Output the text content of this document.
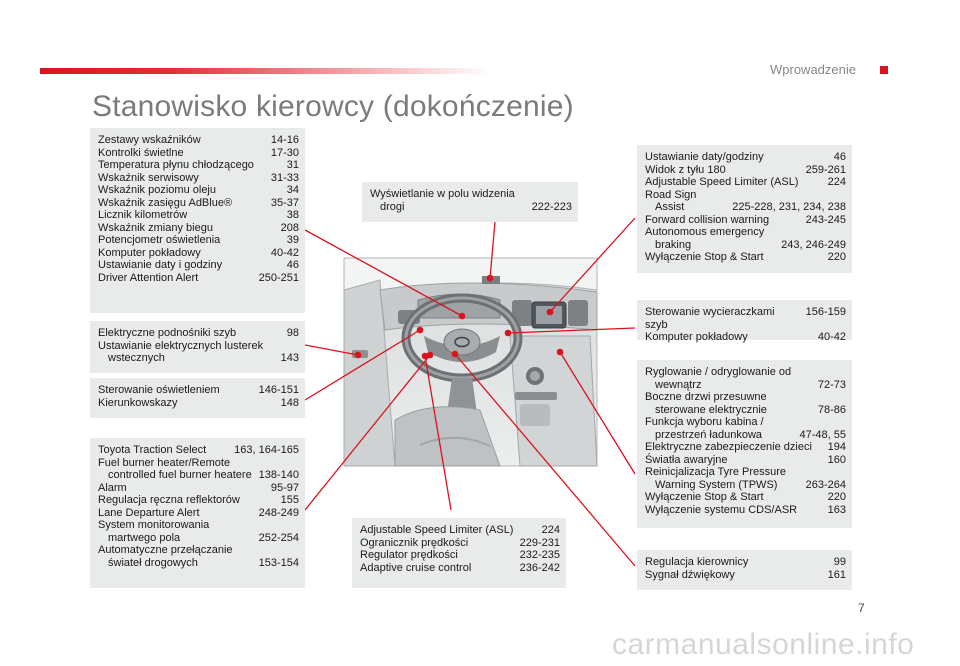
Wprowadzenie
Stanowisko kierowcy (dokończenie)
Zestawy wskaźników	14-16
Kontrolki świetlne	17-30
Temperatura płynu chłodzącego	31
Wskaźnik serwisowy	31-33
Wskaźnik poziomu oleju	34
Wskaźnik zasięgu AdBlue®	35-37
Licznik kilometrów	38
Wskaźnik zmiany biegu	208
Potencjometr oświetlenia	39
Komputer pokładowy	40-42
Ustawianie daty i godziny	46
Driver Attention Alert	250-251
Elektryczne podnośniki szyb	98
Ustawianie elektrycznych lusterek
wstecznych	143
Sterowanie oświetleniem	146-151
Kierunkowskazy	148
Toyota Traction Select	163, 164-165
Fuel burner heater/Remote
controlled fuel burner heatere 138-140
Alarm	95-97
Regulacja ręczna reflektorów	155
Lane Departure Alert	248-249
System monitorowania
martwego pola	252-254
Automatyczne przełączanie
świateł drogowych	153-154
Wyświetlanie w polu widzenia
drogi	222-223
Adjustable Speed Limiter (ASL)	224
Ogranicznik prędkości	229-231
Regulator prędkości	232-235
Adaptive cruise control	236-242
Ustawianie daty/godziny	46
Widok z tyłu 180	259-261
Adjustable Speed Limiter (ASL)	224
Road Sign
Assist	225-228, 231, 234, 238
Forward collision warning	243-245
Autonomous emergency
braking	243, 246-249
Wyłączenie Stop & Start	220
Sterowanie wycieraczkami szyb
156-159
Komputer pokładowy	40-42
Ryglowanie / odryglowanie od
wewnątrz	72-73
Boczne drzwi przesuwne
sterowane elektrycznie	78-86
Funkcja wyboru kabina /
przestrzeń ładunkowa	47-48, 55
Elektryczne zabezpieczenie dzieci	194
Światła awaryjne	160
Reinicjalizacja Tyre Pressure
Warning System (TPWS)	263-264
Wyłączenie Stop & Start	220
Wyłączenie systemu CDS/ASR	163
Regulacja kierownicy	99
Sygnał dźwiękowy	161
7
carmanualsonline.info
